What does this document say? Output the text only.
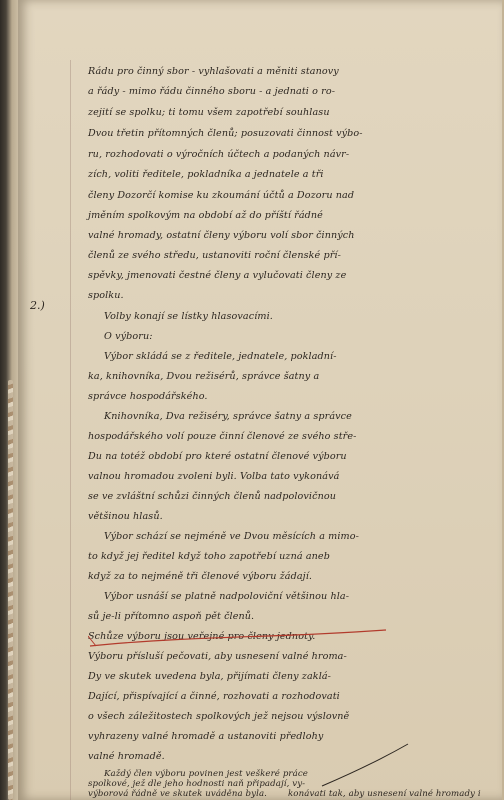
2.)
Rádu pro činný sbor - vyhlašovati a měniti stanovy
a řády - mimo řádu činného sboru - a jednati o ro-
zejití se spolku; ti tomu všem zapotřebí souhlasu
Dvou třetin přítomných členů; posuzovati činnost výbo-
ru, rozhodovati o výročních účtech a podaných návr-
zích, voliti ředitele, pokladníka a jednatele a tři
členy Dozorčí komise ku zkoumání účtů a Dozoru nad
jměním spolkovým na období až do příští řádné
valné hromady, ostatní členy výboru volí sbor činných
členů ze svého středu, ustanoviti roční členské pří-
spěvky, jmenovati čestné členy a vylučovati členy ze
spolku.
Volby konají se lístky hlasovacími.
O výboru:
Výbor skládá se z ředitele, jednatele, pokladní-
ka, knihovníka, Dvou režisérů, správce šatny a
správce hospodářského.
Knihovníka, Dva režiséry, správce šatny a správce
hospodářského volí pouze činní členové ze svého stře-
Du na totéž období pro které ostatní členové výboru
valnou hromadou zvoleni byli. Volba tato vykonává
se ve zvláštní schůzi činných členů nadpolovičnou
většinou hlasů.
Výbor schází se nejméně ve Dvou měsících a mimo-
to když jej ředitel když toho zapotřebí uzná aneb
když za to nejméně tři členové výboru žádají.
Výbor usnáší se platně nadpoloviční většinou hla-
sů je-li přítomno aspoň pět členů.
Schůze výboru jsou veřejné pro členy jednoty.
Výboru přísluší pečovati, aby usnesení valné hroma-
Dy ve skutek uvedena byla, přijímati členy zaklá-
Dající, přispívající a činné, rozhovati a rozhodovati
o všech záležitostech spolkových jež nejsou výslovně
vyhrazeny valné hromadě a ustanoviti předlohy
valné hromadě.
Každý člen výboru povinen jest veškeré práce
spolkové, jež dle jeho hodnosti naň připadají, vy-
konávati tak, aby usnesení valné hromady i
výborová řádně ve skutek uváděna byla.
